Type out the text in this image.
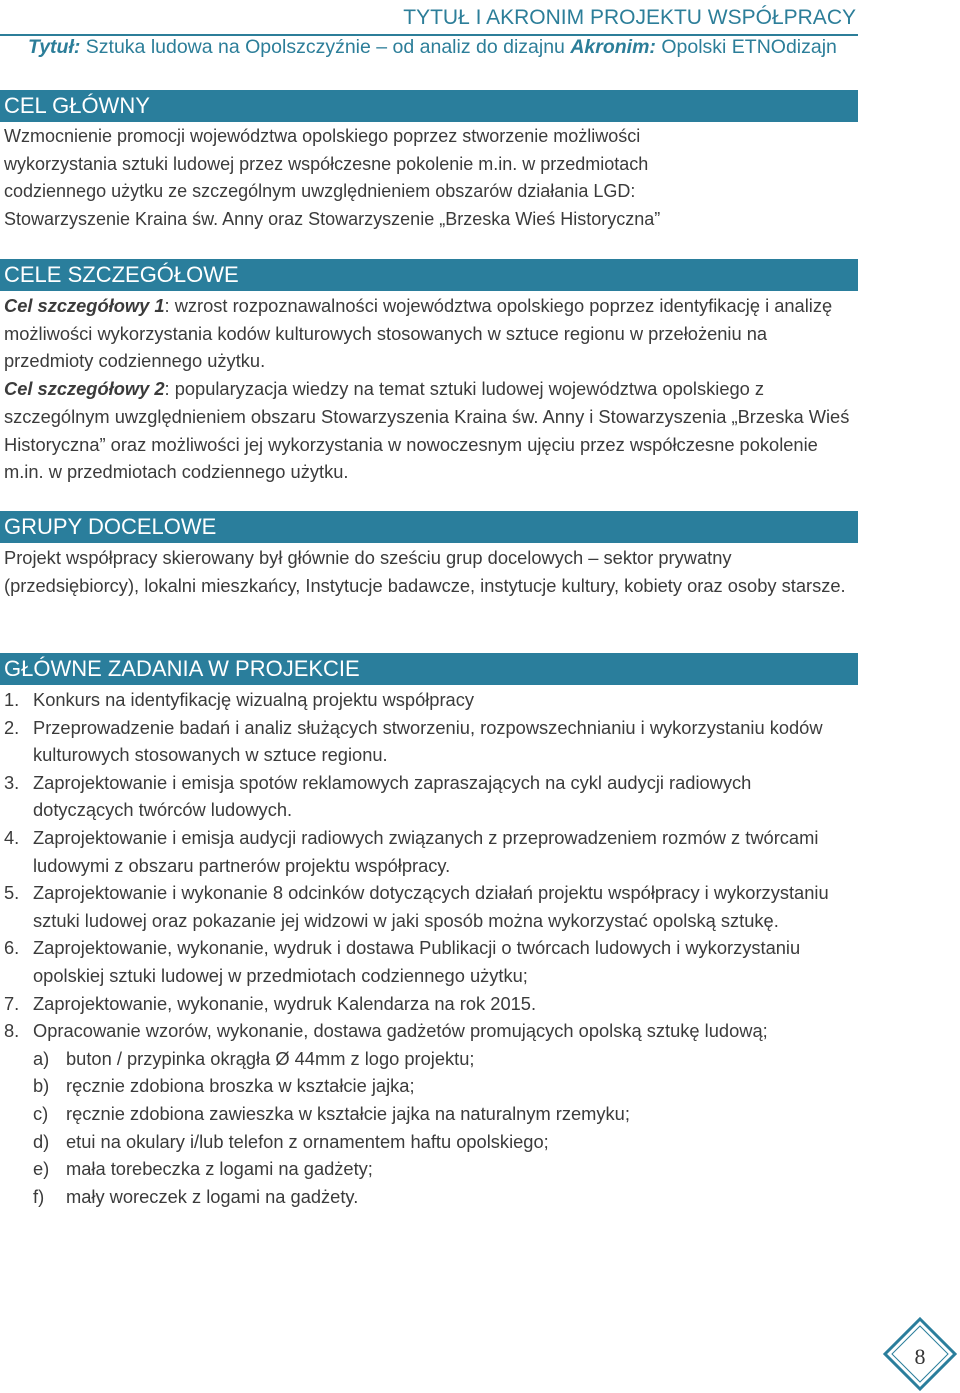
TYTUŁ I AKRONIM PROJEKTU WSPÓŁPRACY
Tytuł: Sztuka ludowa na Opolszczyźnie – od analiz do dizajnu Akronim: Opolski ETNOdizajn
CEL GŁÓWNY
Wzmocnienie promocji województwa opolskiego poprzez stworzenie możliwości
wykorzystania sztuki ludowej przez współczesne pokolenie m.in. w przedmiotach
codziennego użytku ze szczególnym uwzględnieniem obszarów działania LGD:
Stowarzyszenie Kraina św. Anny oraz Stowarzyszenie „Brzeska Wieś Historyczna”
CELE SZCZEGÓŁOWE
Cel szczegółowy 1: wzrost rozpoznawalności województwa opolskiego poprzez identyfikację i analizę możliwości wykorzystania kodów kulturowych stosowanych w sztuce regionu w przełożeniu na przedmioty codziennego użytku.
Cel szczegółowy 2: popularyzacja wiedzy na temat sztuki ludowej województwa opolskiego z szczególnym uwzględnieniem obszaru Stowarzyszenia Kraina św. Anny i Stowarzyszenia „Brzeska Wieś Historyczna” oraz możliwości jej wykorzystania w nowoczesnym ujęciu przez współczesne pokolenie m.in. w przedmiotach codziennego użytku.
GRUPY DOCELOWE
Projekt współpracy skierowany był głównie do sześciu grup docelowych – sektor prywatny (przedsiębiorcy), lokalni mieszkańcy, Instytucje badawcze, instytucje kultury, kobiety oraz osoby starsze.
GŁÓWNE ZADANIA W PROJEKCIE
1. Konkurs na identyfikację wizualną projektu współpracy
2. Przeprowadzenie badań i analiz służących stworzeniu, rozpowszechnianiu i wykorzystaniu kodów kulturowych stosowanych w sztuce regionu.
3. Zaprojektowanie i emisja spotów reklamowych zapraszających na cykl audycji radiowych dotyczących twórców ludowych.
4. Zaprojektowanie i emisja audycji radiowych związanych z przeprowadzeniem rozmów z twórcami ludowymi z obszaru partnerów projektu współpracy.
5. Zaprojektowanie i wykonanie 8 odcinków dotyczących działań projektu współpracy i wykorzystaniu sztuki ludowej oraz pokazanie jej widzowi w jaki sposób można wykorzystać opolską sztukę.
6. Zaprojektowanie, wykonanie, wydruk i dostawa Publikacji o twórcach ludowych i wykorzystaniu opolskiej sztuki ludowej w przedmiotach codziennego użytku;
7. Zaprojektowanie, wykonanie, wydruk Kalendarza na rok 2015.
8. Opracowanie wzorów, wykonanie, dostawa gadżetów promujących opolską sztukę ludową;
a) buton / przypinka okrągła Ø 44mm z logo projektu;
b) ręcznie zdobiona broszka w kształcie jajka;
c) ręcznie zdobiona zawieszka w kształcie jajka na naturalnym rzemyku;
d) etui na okulary i/lub telefon z ornamentem haftu opolskiego;
e) mała torebeczka z logami na gadżety;
f) mały woreczek z logami na gadżety.
8
